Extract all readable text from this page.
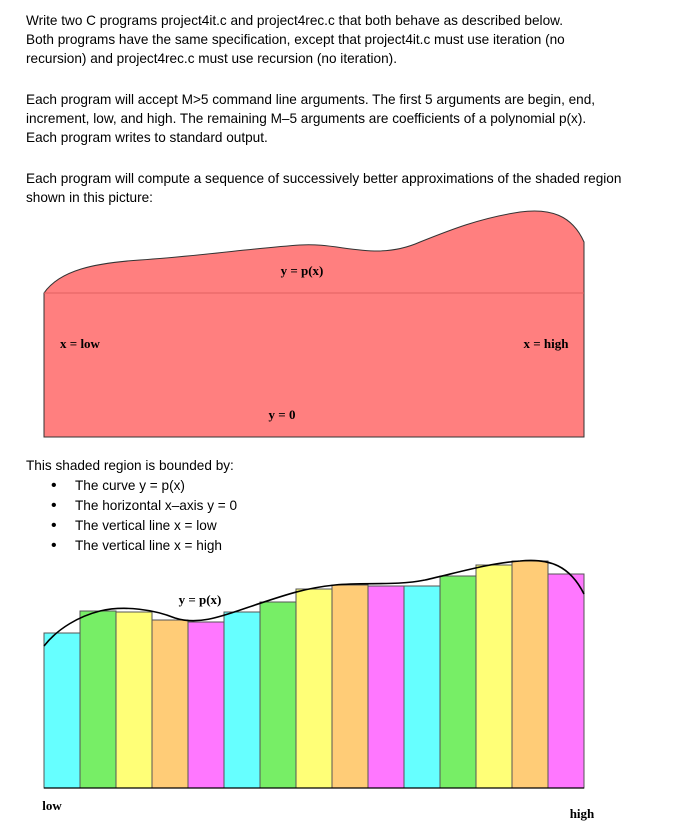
Write two C programs project4it.c and project4rec.c that both behave as described below.
Both programs have the same specification, except that project4it.c must use iteration (no
recursion) and project4rec.c must use recursion (no iteration).
Each program will accept M>5 command line arguments. The first 5 arguments are begin, end,
increment, low, and high. The remaining M–5 arguments are coefficients of a polynomial p(x).
Each program writes to standard output.
Each program will compute a sequence of successively better approximations of the shaded region
shown in this picture:
y = p(x)
x = low	x = high
y = 0
This shaded region is bounded by:
• The curve y = p(x)
• The horizontal x–axis y = 0
• The vertical line x = low
• The vertical line x = high
y = p(x)
low
high
